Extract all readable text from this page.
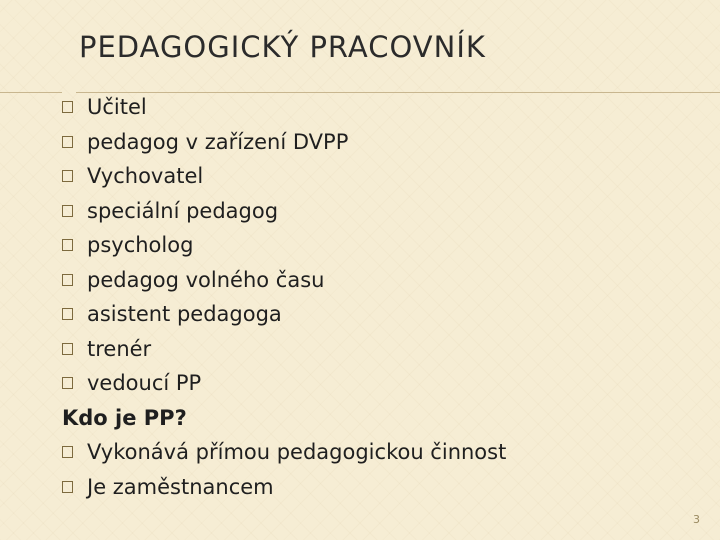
PEDAGOGICKÝ PRACOVNÍK
Učitel
pedagog v zařízení DVPP
Vychovatel
speciální pedagog
psycholog
pedagog volného času
asistent pedagoga
trenér
vedoucí PP
Kdo je PP?
Vykonává přímou pedagogickou činnost
Je zaměstnancem
3
